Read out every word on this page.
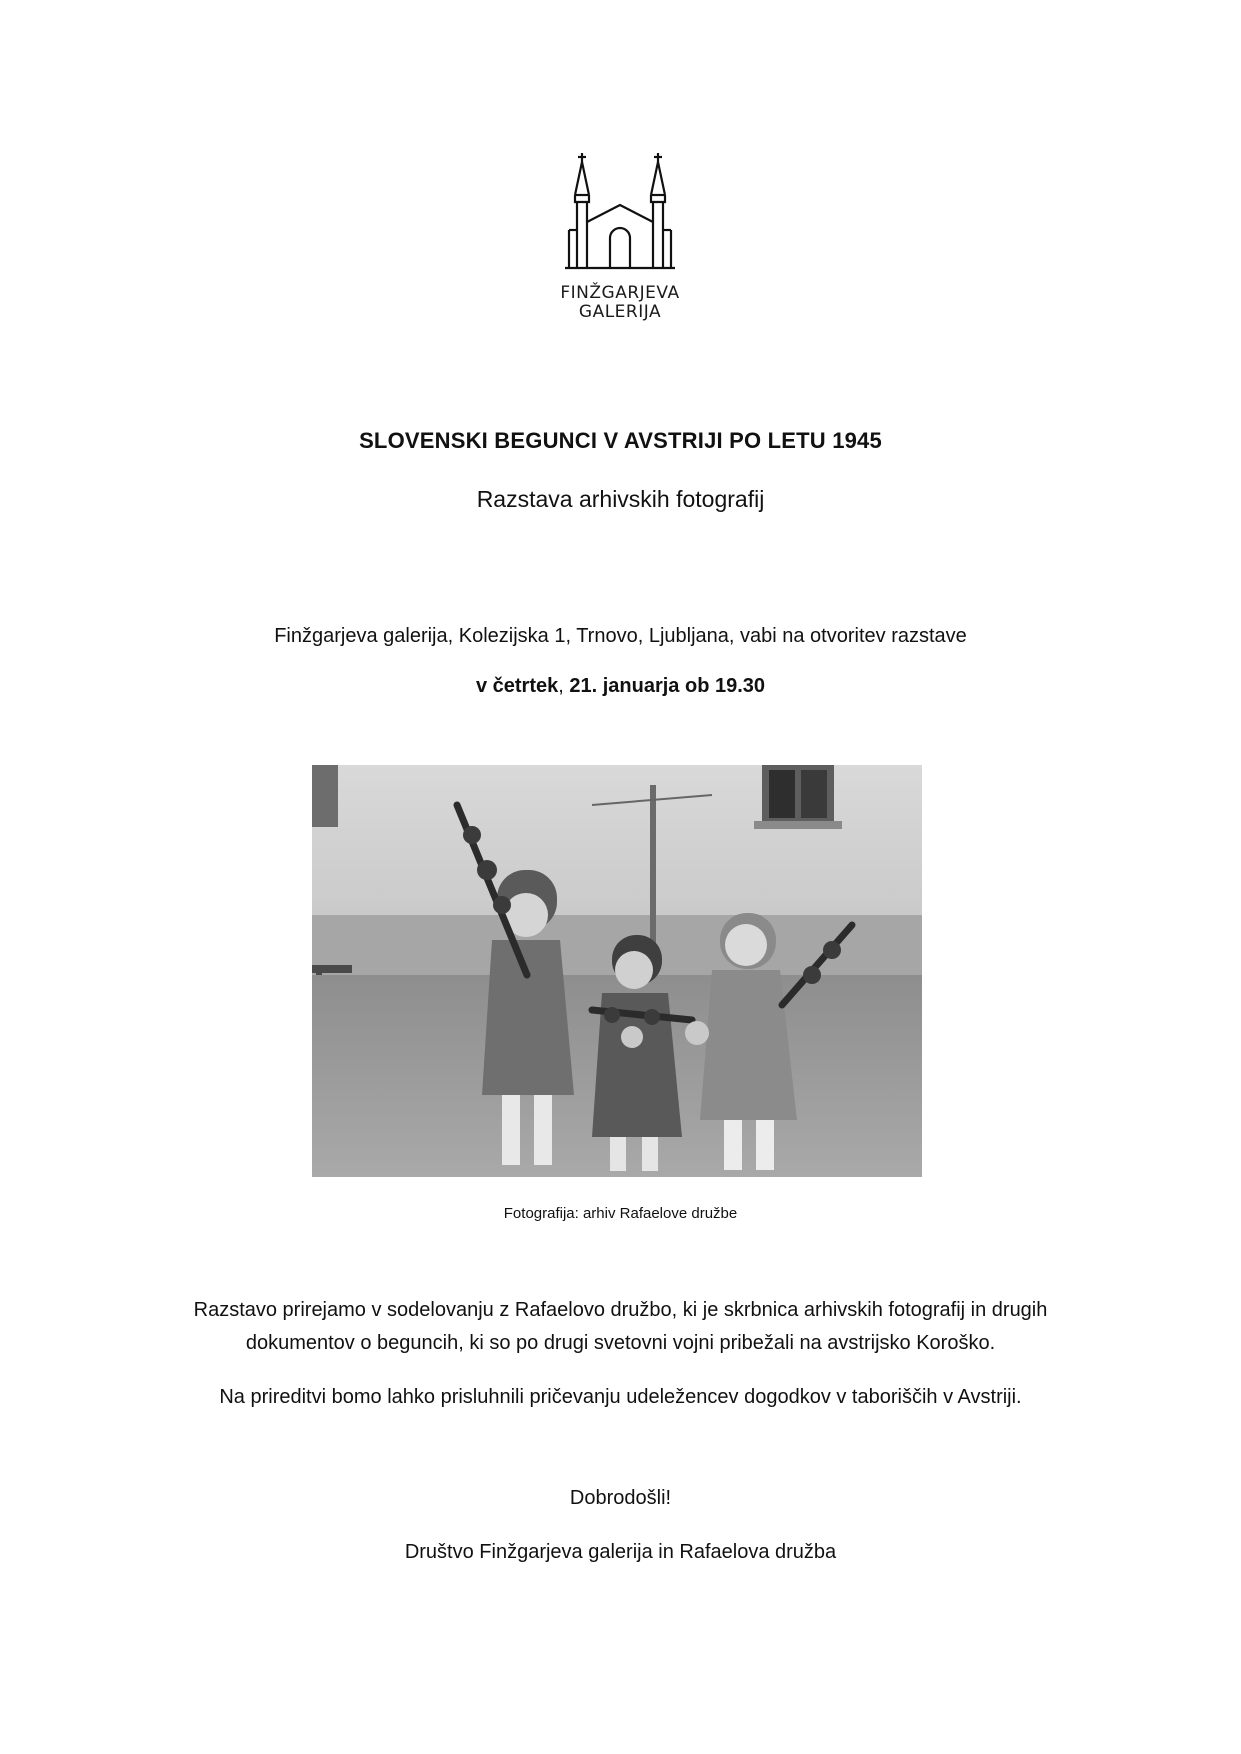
FINŽGARJEVA
GALERIJA
SLOVENSKI BEGUNCI V AVSTRIJI PO LETU 1945
Razstava arhivskih fotografij
Finžgarjeva galerija, Kolezijska 1, Trnovo, Ljubljana, vabi na otvoritev razstave
v četrtek, 21. januarja ob 19.30
Fotografija: arhiv Rafaelove družbe
Razstavo prirejamo v sodelovanju z Rafaelovo družbo, ki je skrbnica arhivskih fotografij in drugih
dokumentov o beguncih, ki so po drugi svetovni vojni pribežali na avstrijsko Koroško.
Na prireditvi bomo lahko prisluhnili pričevanju udeležencev dogodkov v taboriščih v Avstriji.
Dobrodošli!
Društvo Finžgarjeva galerija in Rafaelova družba
